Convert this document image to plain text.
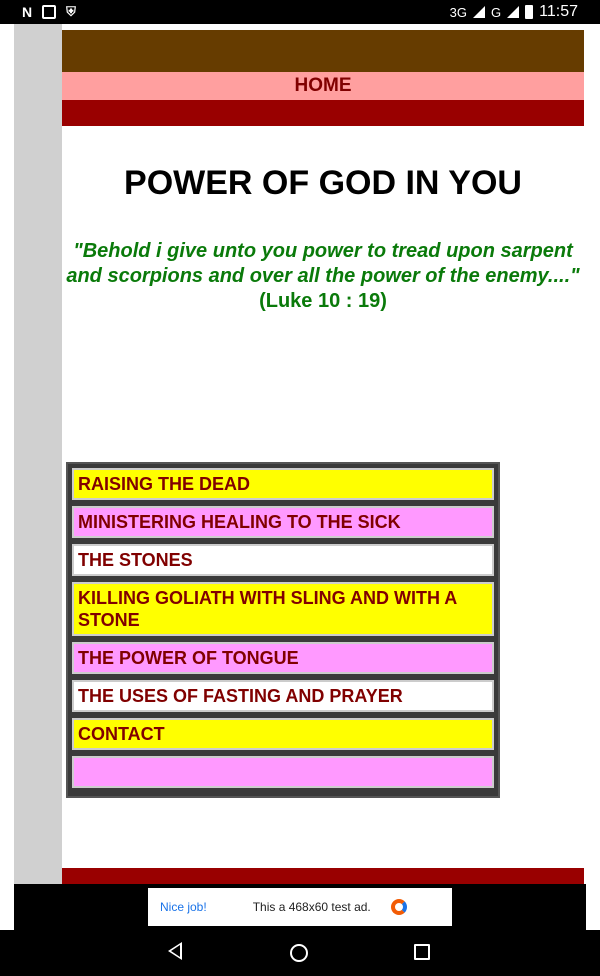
N	⛨	3G G 11:57
HOME
POWER OF GOD IN YOU
"Behold i give unto you power to tread upon sarpent and scorpions and over all the power of the enemy...."
(Luke 10 : 19)
RAISING THE DEAD
MINISTERING HEALING TO THE SICK
THE STONES
KILLING GOLIATH WITH SLING AND WITH A STONE
THE POWER OF TONGUE
THE USES OF FASTING AND PRAYER
CONTACT
Nice job!	This a 468x60 test ad.
